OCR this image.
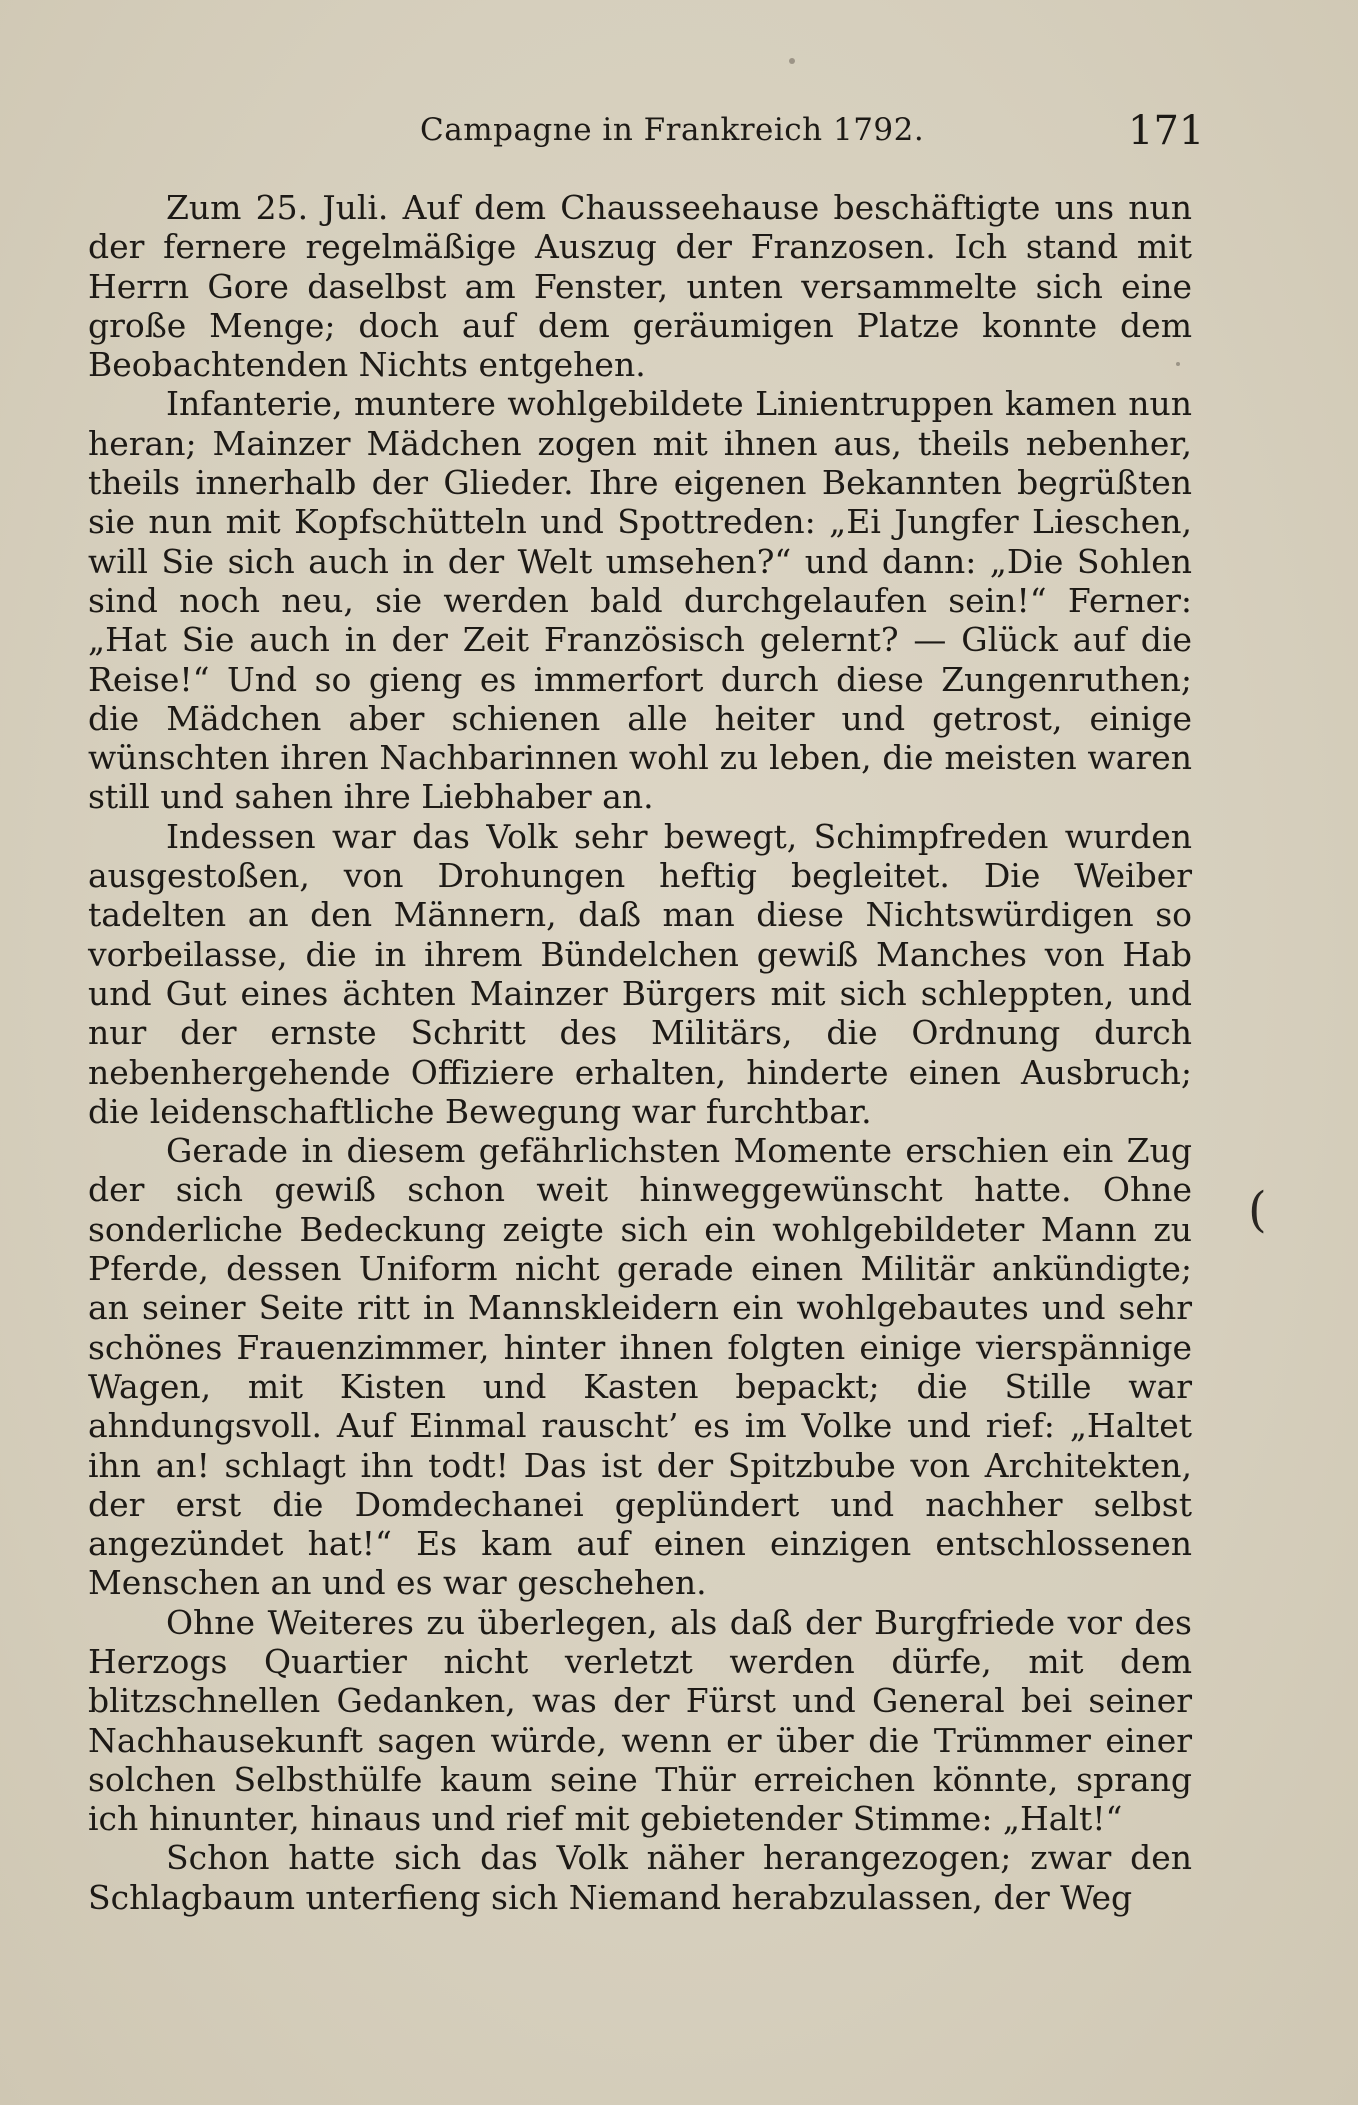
Campagne in Frankreich 1792.	171

Zum 25. Juli. Auf dem Chausseehause beschäftigte uns nun der fernere regelmäßige Auszug der Franzosen. Ich stand mit Herrn Gore daselbst am Fenster, unten versammelte sich eine große Menge; doch auf dem geräumigen Platze konnte dem Beobachtenden Nichts entgehen.

Infanterie, muntere wohlgebildete Linientruppen kamen nun heran; Mainzer Mädchen zogen mit ihnen aus, theils nebenher, theils innerhalb der Glieder. Ihre eigenen Bekannten begrüßten sie nun mit Kopfschütteln und Spottreden: „Ei Jungfer Lieschen, will Sie sich auch in der Welt umsehen?“ und dann: „Die Sohlen sind noch neu, sie werden bald durchgelaufen sein!“ Ferner: „Hat Sie auch in der Zeit Französisch gelernt? — Glück auf die Reise!“ Und so gieng es immerfort durch diese Zungenruthen; die Mädchen aber schienen alle heiter und getrost, einige wünschten ihren Nachbarinnen wohl zu leben, die meisten waren still und sahen ihre Liebhaber an.

Indessen war das Volk sehr bewegt, Schimpfreden wurden ausgestoßen, von Drohungen heftig begleitet. Die Weiber tadelten an den Männern, daß man diese Nichtswürdigen so vorbeilasse, die in ihrem Bündelchen gewiß Manches von Hab und Gut eines ächten Mainzer Bürgers mit sich schleppten, und nur der ernste Schritt des Militärs, die Ordnung durch nebenhergehende Offiziere erhalten, hinderte einen Ausbruch; die leidenschaftliche Bewegung war furchtbar.

Gerade in diesem gefährlichsten Momente erschien ein Zug der sich gewiß schon weit hinweggewünscht hatte. Ohne sonderliche Bedeckung zeigte sich ein wohlgebildeter Mann zu Pferde, dessen Uniform nicht gerade einen Militär ankündigte; an seiner Seite ritt in Mannskleidern ein wohlgebautes und sehr schönes Frauenzimmer, hinter ihnen folgten einige vierspännige Wagen, mit Kisten und Kasten bepackt; die Stille war ahndungsvoll. Auf Einmal rauscht’ es im Volke und rief: „Haltet ihn an! schlagt ihn todt! Das ist der Spitzbube von Architekten, der erst die Domdechanei geplündert und nachher selbst angezündet hat!“ Es kam auf einen einzigen entschlossenen Menschen an und es war geschehen.

Ohne Weiteres zu überlegen, als daß der Burgfriede vor des Herzogs Quartier nicht verletzt werden dürfe, mit dem blitzschnellen Gedanken, was der Fürst und General bei seiner Nachhausekunft sagen würde, wenn er über die Trümmer einer solchen Selbsthülfe kaum seine Thür erreichen könnte, sprang ich hinunter, hinaus und rief mit gebietender Stimme: „Halt!“

Schon hatte sich das Volk näher herangezogen; zwar den Schlagbaum unterfieng sich Niemand herabzulassen, der Weg

(
